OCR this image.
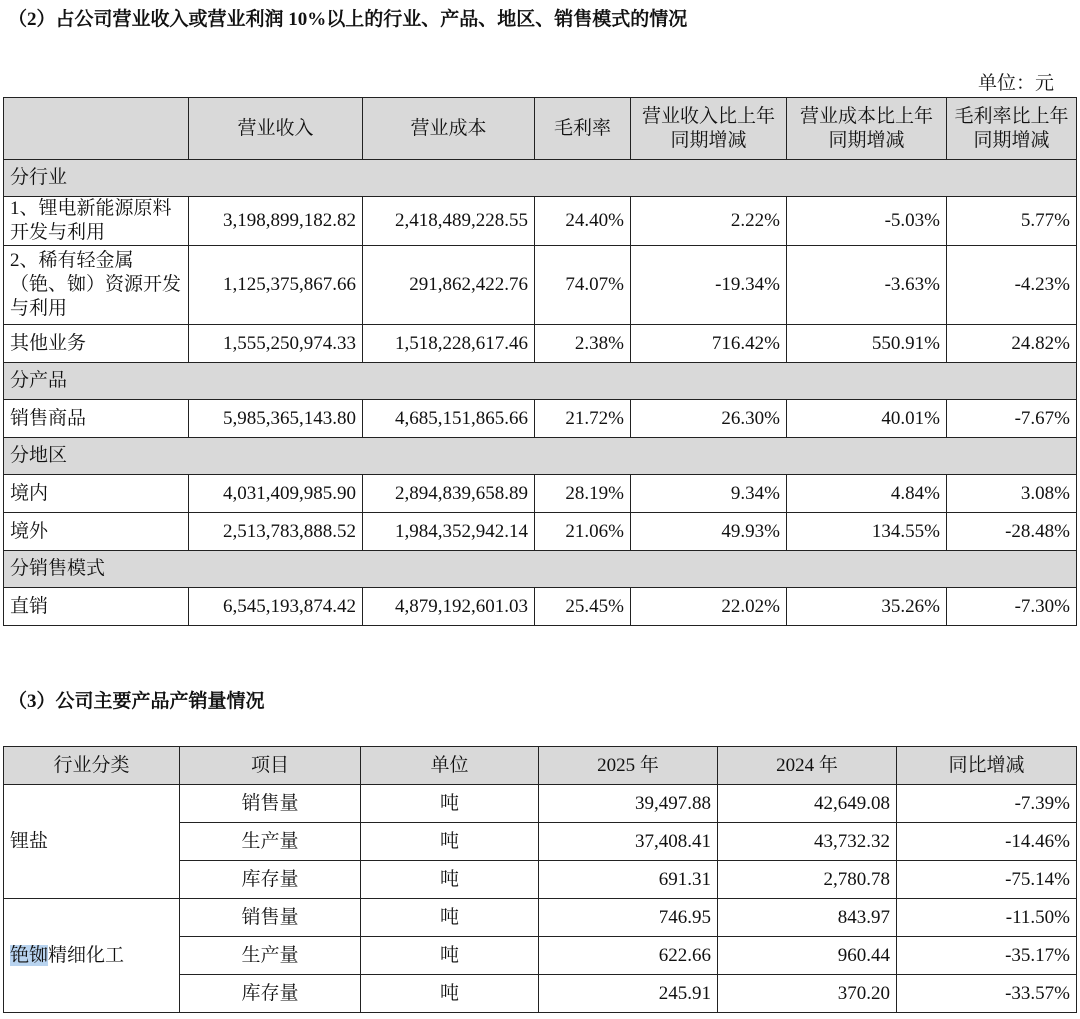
（2）占公司营业收入或营业利润 10%以上的行业、产品、地区、销售模式的情况
单位：元
	营业收入	营业成本	毛利率	营业收入比上年同期增减	营业成本比上年同期增减	毛利率比上年同期增减
分行业						
1、锂电新能源原料开发与利用	3,198,899,182.82	2,418,489,228.55	24.40%	2.22%	-5.03%	5.77%
2、稀有轻金属（铯、铷）资源开发与利用	1,125,375,867.66	291,862,422.76	74.07%	-19.34%	-3.63%	-4.23%
其他业务	1,555,250,974.33	1,518,228,617.46	2.38%	716.42%	550.91%	24.82%
分产品						
销售商品	5,985,365,143.80	4,685,151,865.66	21.72%	26.30%	40.01%	-7.67%
分地区						
境内	4,031,409,985.90	2,894,839,658.89	28.19%	9.34%	4.84%	3.08%
境外	2,513,783,888.52	1,984,352,942.14	21.06%	49.93%	134.55%	-28.48%
分销售模式						
直销	6,545,193,874.42	4,879,192,601.03	25.45%	22.02%	35.26%	-7.30%
（3）公司主要产品产销量情况
行业分类	项目	单位	2025 年	2024 年	同比增减
锂盐	销售量	吨	39,497.88	42,649.08	-7.39%
	生产量	吨	37,408.41	43,732.32	-14.46%
	库存量	吨	691.31	2,780.78	-75.14%
铯铷精细化工	销售量	吨	746.95	843.97	-11.50%
	生产量	吨	622.66	960.44	-35.17%
	库存量	吨	245.91	370.20	-33.57%
